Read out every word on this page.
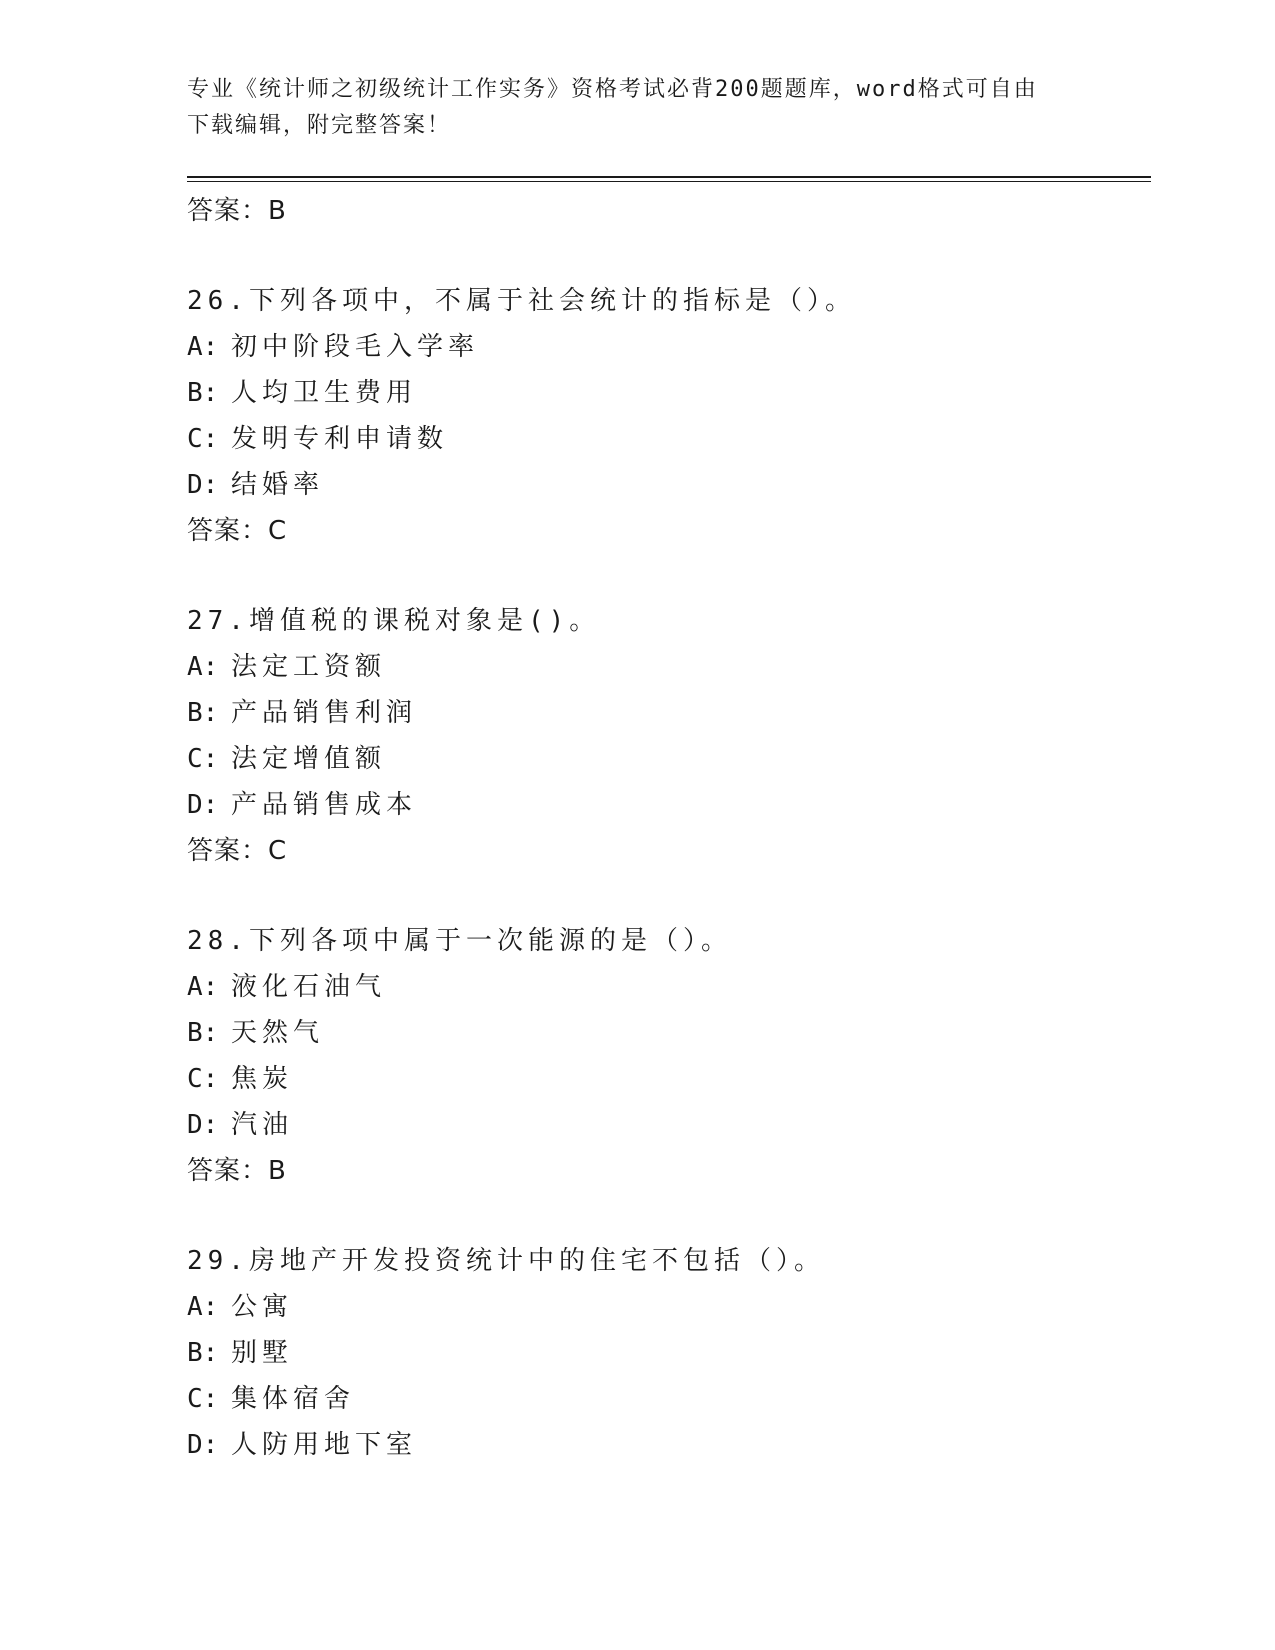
专业《统计师之初级统计工作实务》资格考试必背200题题库，word格式可自由
下载编辑，附完整答案！
答案：B
26.下列各项中，不属于社会统计的指标是（）。
A: 初中阶段毛入学率
B: 人均卫生费用
C: 发明专利申请数
D: 结婚率
答案：C
27.增值税的课税对象是()。
A: 法定工资额
B: 产品销售利润
C: 法定增值额
D: 产品销售成本
答案：C
28.下列各项中属于一次能源的是（）。
A: 液化石油气
B: 天然气
C: 焦炭
D: 汽油
答案：B
29.房地产开发投资统计中的住宅不包括（）。
A: 公寓
B: 别墅
C: 集体宿舍
D: 人防用地下室
